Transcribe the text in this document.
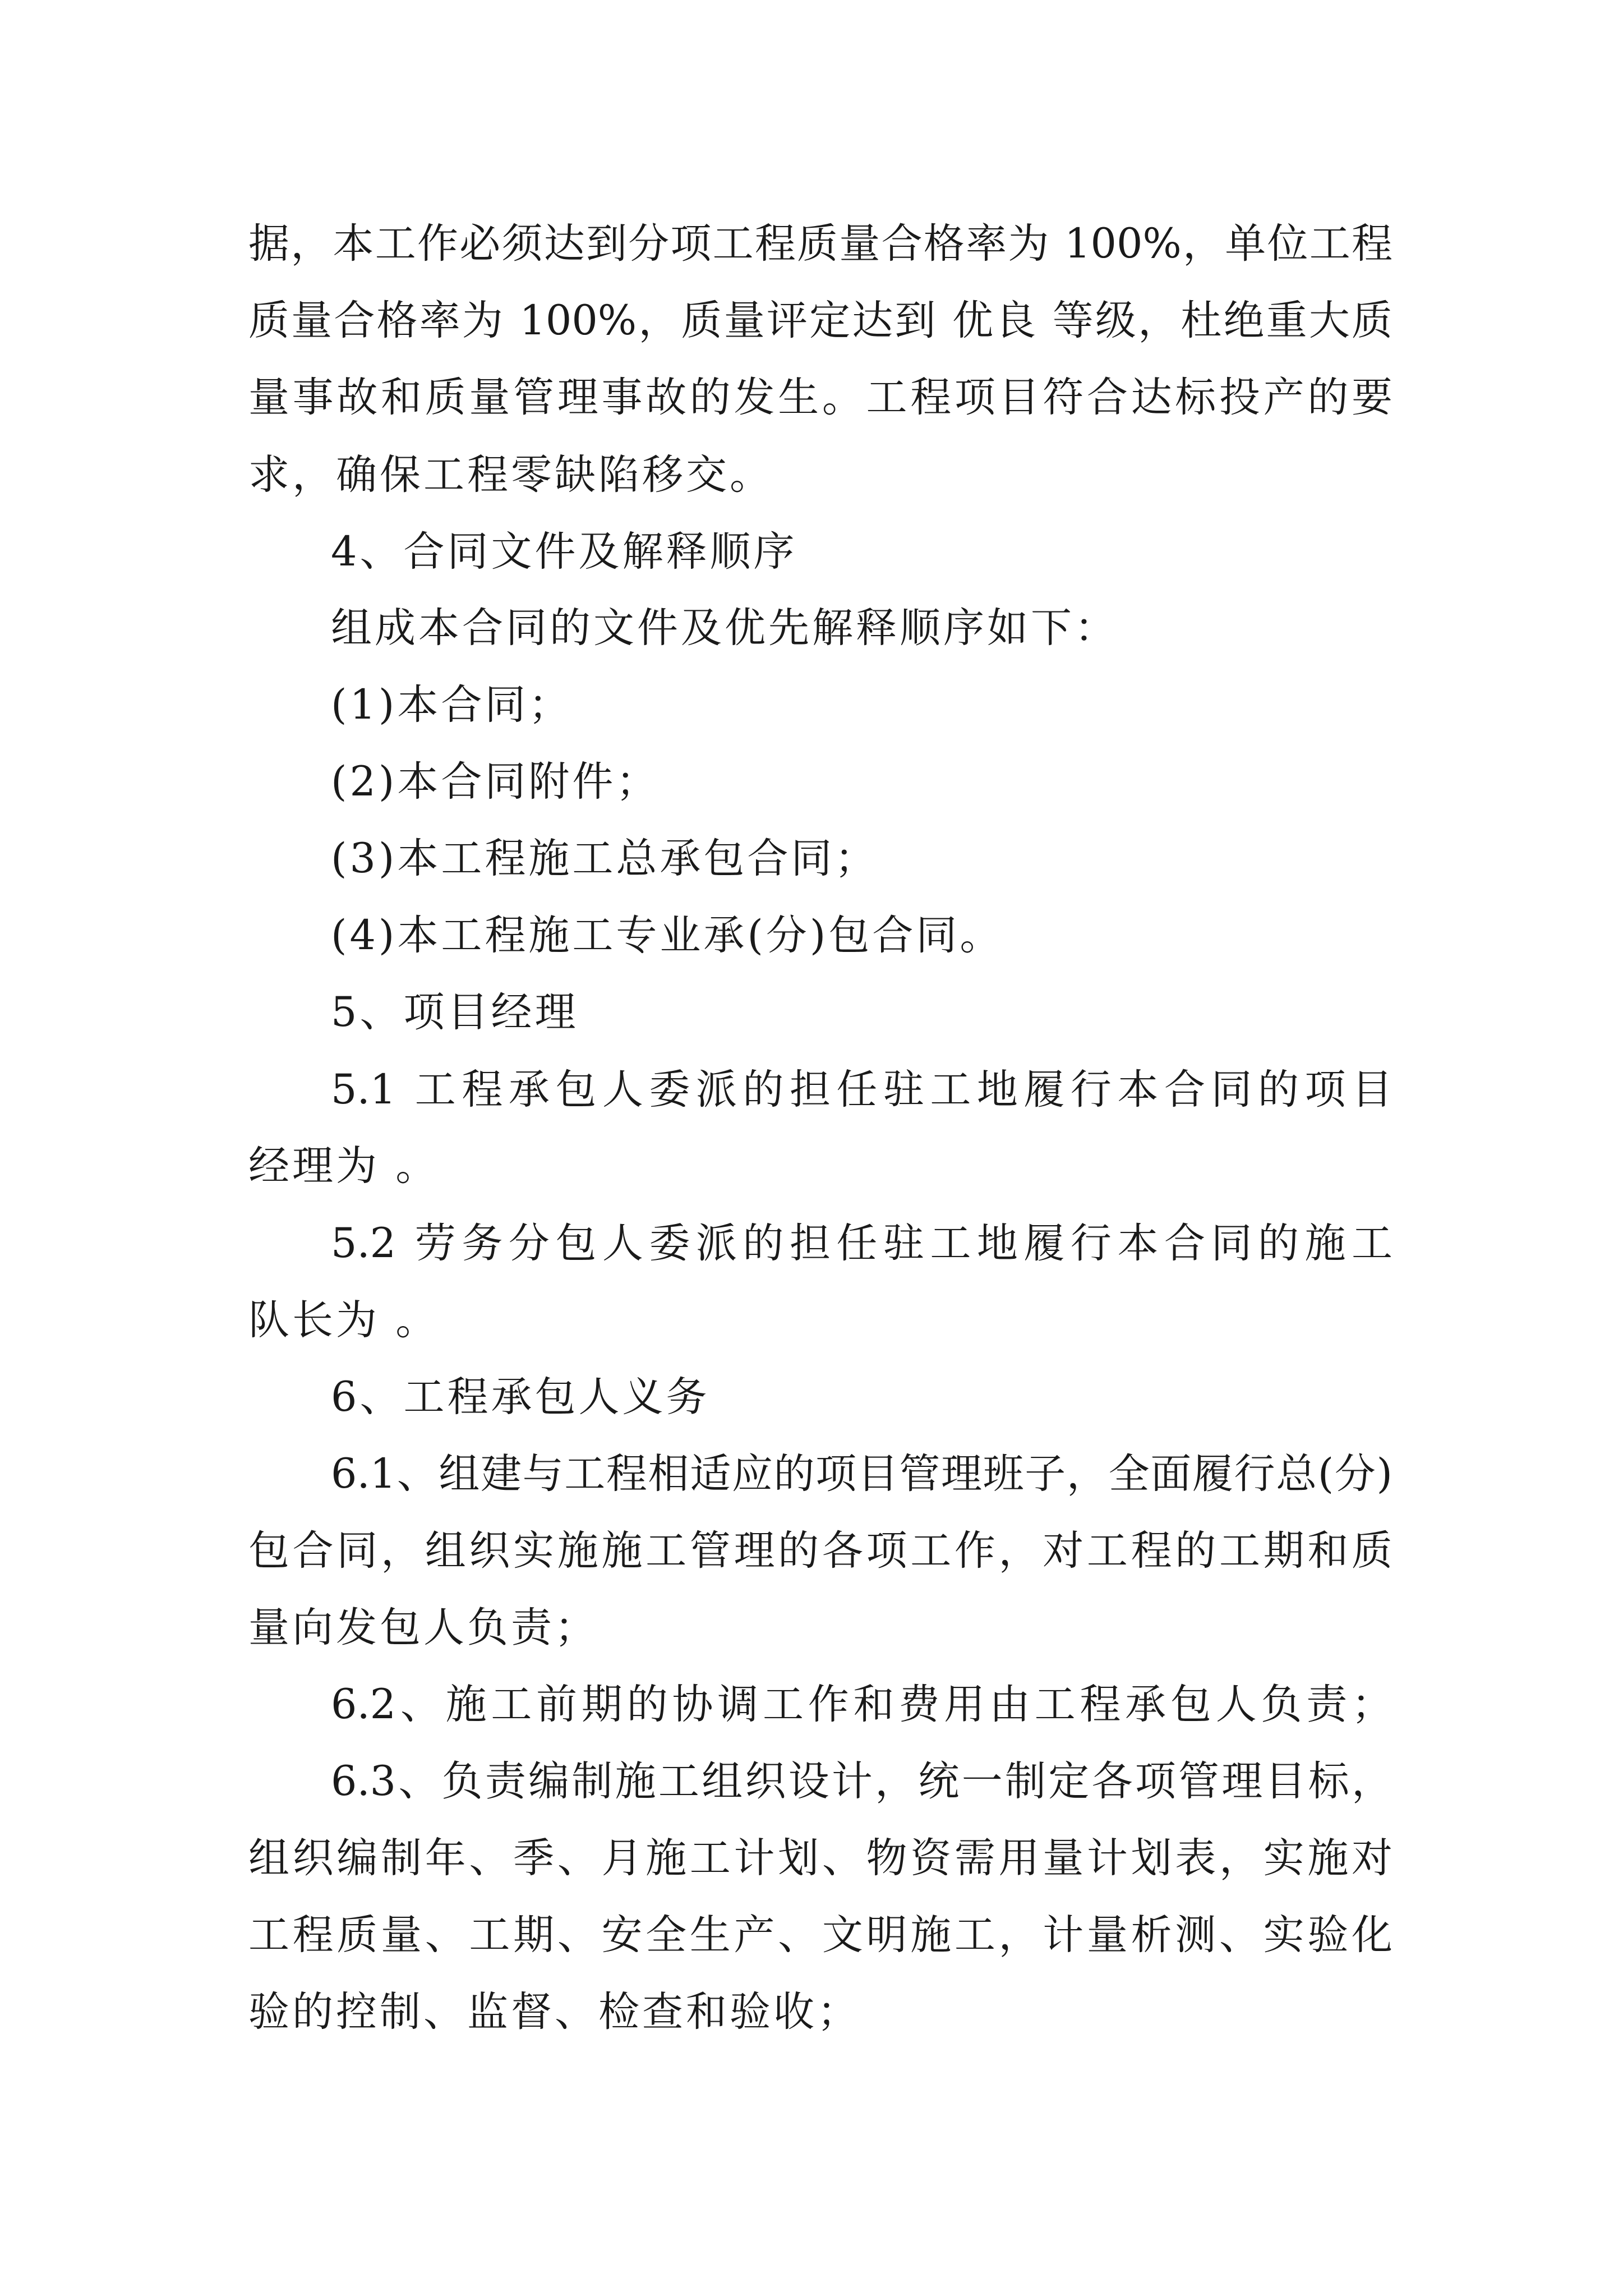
据，本工作必须达到分项工程质量合格率为 100%，单位工程
质量合格率为 100%，质量评定达到 优良 等级，杜绝重大质
量事故和质量管理事故的发生。工程项目符合达标投产的要
求，确保工程零缺陷移交。
4、合同文件及解释顺序
组成本合同的文件及优先解释顺序如下：
(1)本合同；
(2)本合同附件；
(3)本工程施工总承包合同；
(4)本工程施工专业承(分)包合同。
5、项目经理
5.1 工程承包人委派的担任驻工地履行本合同的项目
经理为 。
5.2 劳务分包人委派的担任驻工地履行本合同的施工
队长为 。
6、工程承包人义务
6.1、组建与工程相适应的项目管理班子，全面履行总(分)
包合同，组织实施施工管理的各项工作，对工程的工期和质
量向发包人负责；
6.2、施工前期的协调工作和费用由工程承包人负责；
6.3、负责编制施工组织设计，统一制定各项管理目标，
组织编制年、季、月施工计划、物资需用量计划表，实施对
工程质量、工期、安全生产、文明施工，计量析测、实验化
验的控制、监督、检查和验收；
